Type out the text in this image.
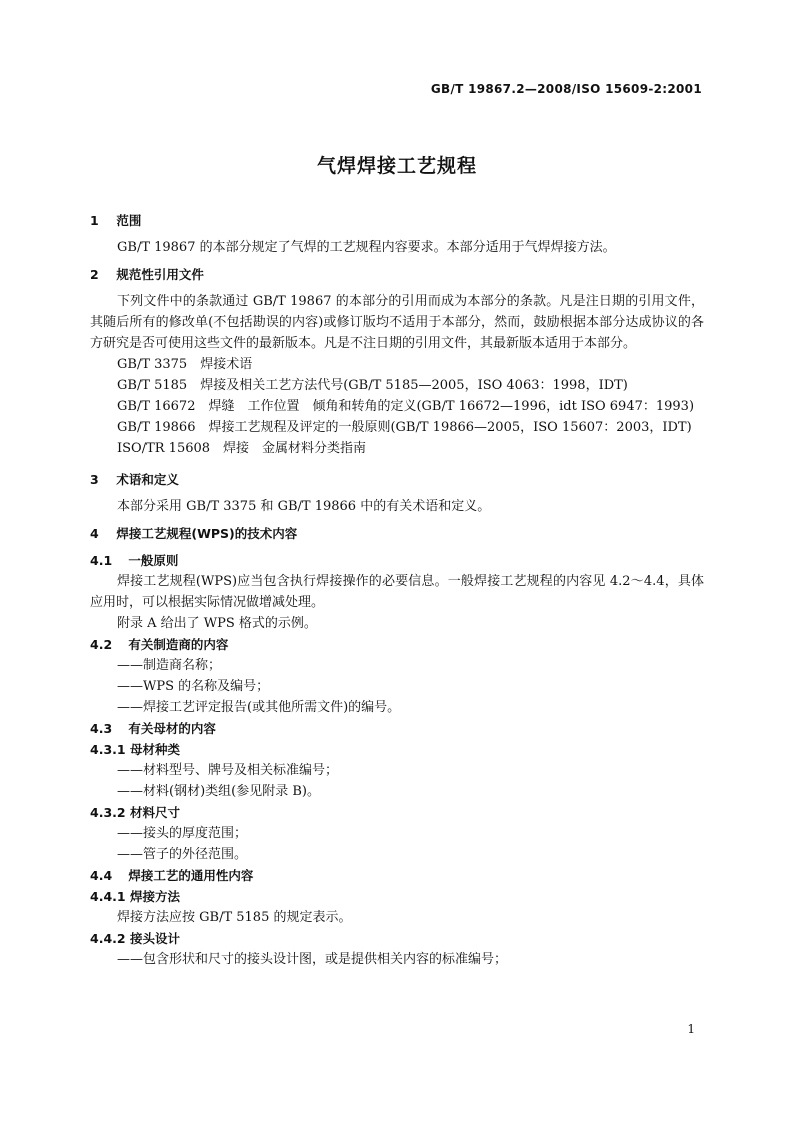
GB/T 19867.2—2008/ISO 15609-2:2001
气焊焊接工艺规程

1 范围

GB/T 19867 的本部分规定了气焊的工艺规程内容要求。本部分适用于气焊焊接方法。

2 规范性引用文件

下列文件中的条款通过 GB/T 19867 的本部分的引用而成为本部分的条款。凡是注日期的引用文件，其随后所有的修改单(不包括勘误的内容)或修订版均不适用于本部分，然而，鼓励根据本部分达成协议的各方研究是否可使用这些文件的最新版本。凡是不注日期的引用文件，其最新版本适用于本部分。

GB/T 3375　焊接术语

GB/T 5185　焊接及相关工艺方法代号(GB/T 5185—2005，ISO 4063：1998，IDT)

GB/T 16672　焊缝　工作位置　倾角和转角的定义(GB/T 16672—1996，idt ISO 6947：1993)

GB/T 19866　焊接工艺规程及评定的一般原则(GB/T 19866—2005，ISO 15607：2003，IDT)

ISO/TR 15608　焊接　金属材料分类指南

3 术语和定义

本部分采用 GB/T 3375 和 GB/T 19866 中的有关术语和定义。

4 焊接工艺规程(WPS)的技术内容

4.1 一般原则

焊接工艺规程(WPS)应当包含执行焊接操作的必要信息。一般焊接工艺规程的内容见 4.2～4.4，具体应用时，可以根据实际情况做增减处理。

附录 A 给出了 WPS 格式的示例。

4.2 有关制造商的内容

——制造商名称；

——WPS 的名称及编号；

——焊接工艺评定报告(或其他所需文件)的编号。

4.3 有关母材的内容

4.3.1 母材种类

——材料型号、牌号及相关标准编号；

——材料(钢材)类组(参见附录 B)。

4.3.2 材料尺寸

——接头的厚度范围；

——管子的外径范围。

4.4 焊接工艺的通用性内容

4.4.1 焊接方法

焊接方法应按 GB/T 5185 的规定表示。

4.4.2 接头设计

——包含形状和尺寸的接头设计图，或是提供相关内容的标准编号；

1
